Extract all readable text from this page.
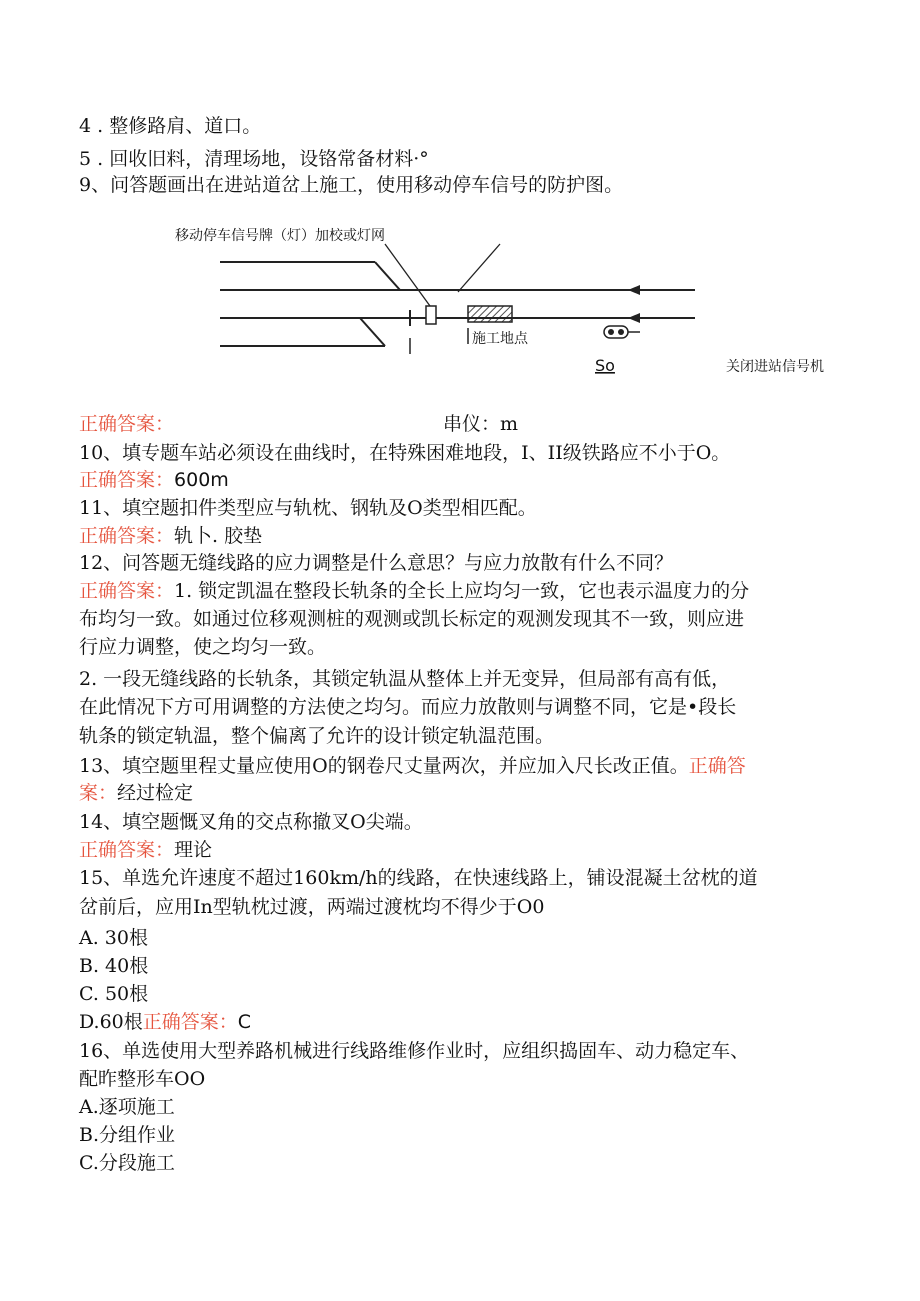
4 . 整修路肩、道口。
5 . 回收旧料，清理场地，设铬常备材料·°
9、问答题画出在进站道岔上施工，使用移动停车信号的防护图。
移动停车信号牌（灯）加校或灯网
施工地点
So	关闭进站信号机
正确答案：	串仪：m
10、填专题车站必须设在曲线时，在特殊困难地段，I、II级铁路应不小于O。
正确答案：600m
11、填空题扣件类型应与轨枕、钢轨及O类型相匹配。
正确答案：轨卜. 胶垫
12、问答题无缝线路的应力调整是什么意思？与应力放散有什么不同？
正确答案：1. 锁定凯温在整段长轨条的全长上应均匀一致，它也表示温度力的分
布均匀一致。如通过位移观测桩的观测或凯长标定的观测发现其不一致，则应进
行应力调整，使之均匀一致。
2. 一段无缝线路的长轨条，其锁定轨温从整体上并无变异，但局部有高有低，
在此情况下方可用调整的方法使之均匀。而应力放散则与调整不同，它是•段长
轨条的锁定轨温，整个偏离了允许的设计锁定轨温范围。
13、填空题里程丈量应使用O的钢卷尺丈量两次，并应加入尺长改正值。正确答
案：经过检定
14、填空题慨叉角的交点称撤叉O尖端。
正确答案：理论
15、单选允许速度不超过160km/h的线路，在快速线路上，铺设混凝土岔枕的道
岔前后，应用In型轨枕过渡，两端过渡枕均不得少于O0
A. 30根
B. 40根
C. 50根
D.60根正确答案：C
16、单选使用大型养路机械进行线路维修作业时，应组织捣固车、动力稳定车、
配昨整形车OO
A.逐项施工
B.分组作业
C.分段施工
